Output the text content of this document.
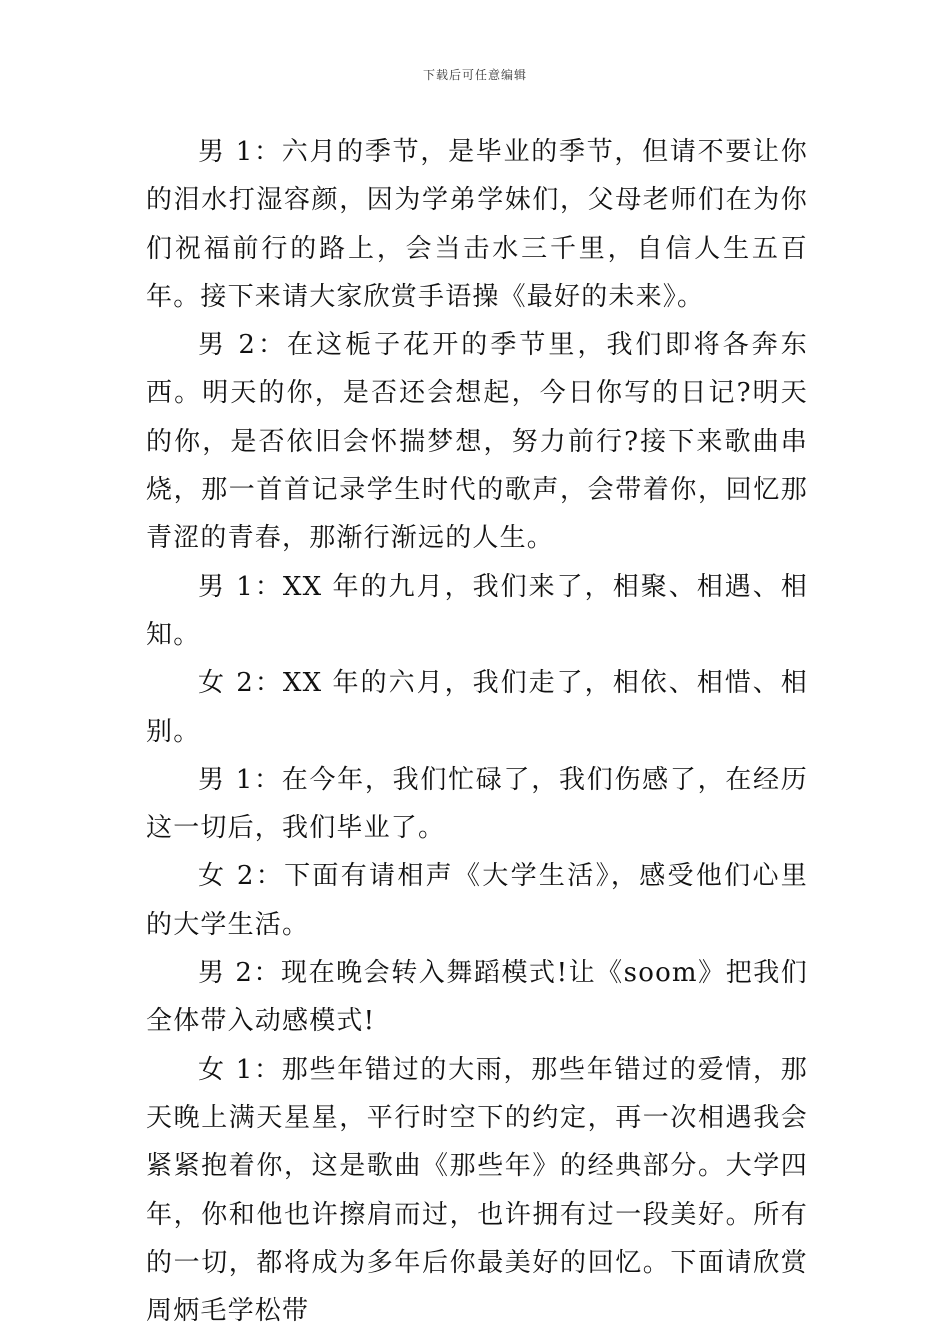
下载后可任意编辑

男 1：六月的季节，是毕业的季节，但请不要让你的泪水打湿容颜，因为学弟学妹们，父母老师们在为你们祝福前行的路上，会当击水三千里，自信人生五百年。接下来请大家欣赏手语操《最好的未来》。

男 2：在这栀子花开的季节里，我们即将各奔东西。明天的你，是否还会想起，今日你写的日记?明天的你，是否依旧会怀揣梦想，努力前行?接下来歌曲串烧，那一首首记录学生时代的歌声，会带着你，回忆那青涩的青春，那渐行渐远的人生。

男 1：XX 年的九月，我们来了，相聚、相遇、相知。

女 2：XX 年的六月，我们走了，相依、相惜、相别。

男 1：在今年，我们忙碌了，我们伤感了，在经历这一切后，我们毕业了。

女 2：下面有请相声《大学生活》，感受他们心里的大学生活。

男 2：现在晚会转入舞蹈模式!让《soom》把我们全体带入动感模式!

女 1：那些年错过的大雨，那些年错过的爱情，那天晚上满天星星，平行时空下的约定，再一次相遇我会紧紧抱着你，这是歌曲《那些年》的经典部分。大学四年，你和他也许擦肩而过，也许拥有过一段美好。所有的一切，都将成为多年后你最美好的回忆。下面请欣赏周炳毛学松带
